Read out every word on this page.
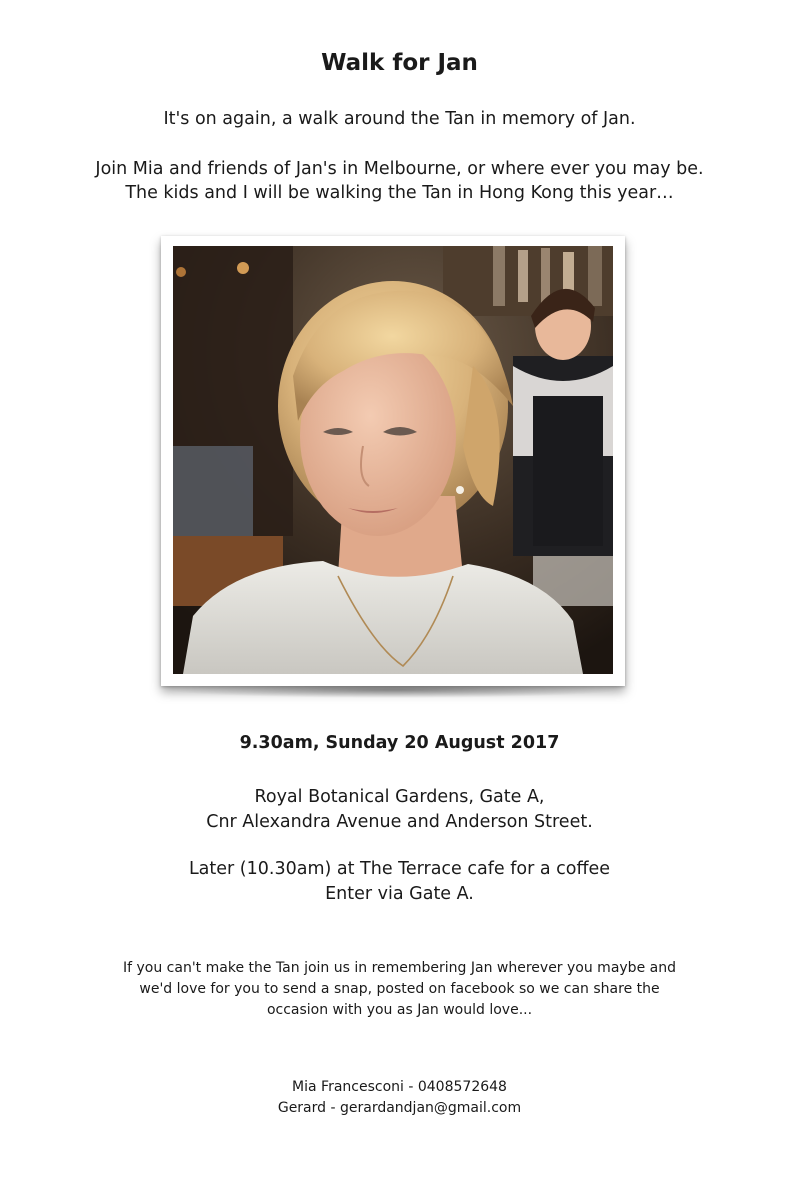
Walk for Jan
It's on again, a walk around the Tan in memory of Jan.
Join Mia and friends of Jan's in Melbourne, or where ever you may be.
The kids and I will be walking the Tan in Hong Kong this year…
9.30am, Sunday 20 August 2017
Royal Botanical Gardens, Gate A,
Cnr Alexandra Avenue and Anderson Street.
Later (10.30am) at The Terrace cafe for a coffee
Enter via Gate A.
If you can't make the Tan join us in remembering Jan wherever you maybe and
we'd love for you to send a snap, posted on facebook so we can share the
occasion with you as Jan would love...
Mia Francesconi - 0408572648
Gerard - gerardandjan@gmail.com
